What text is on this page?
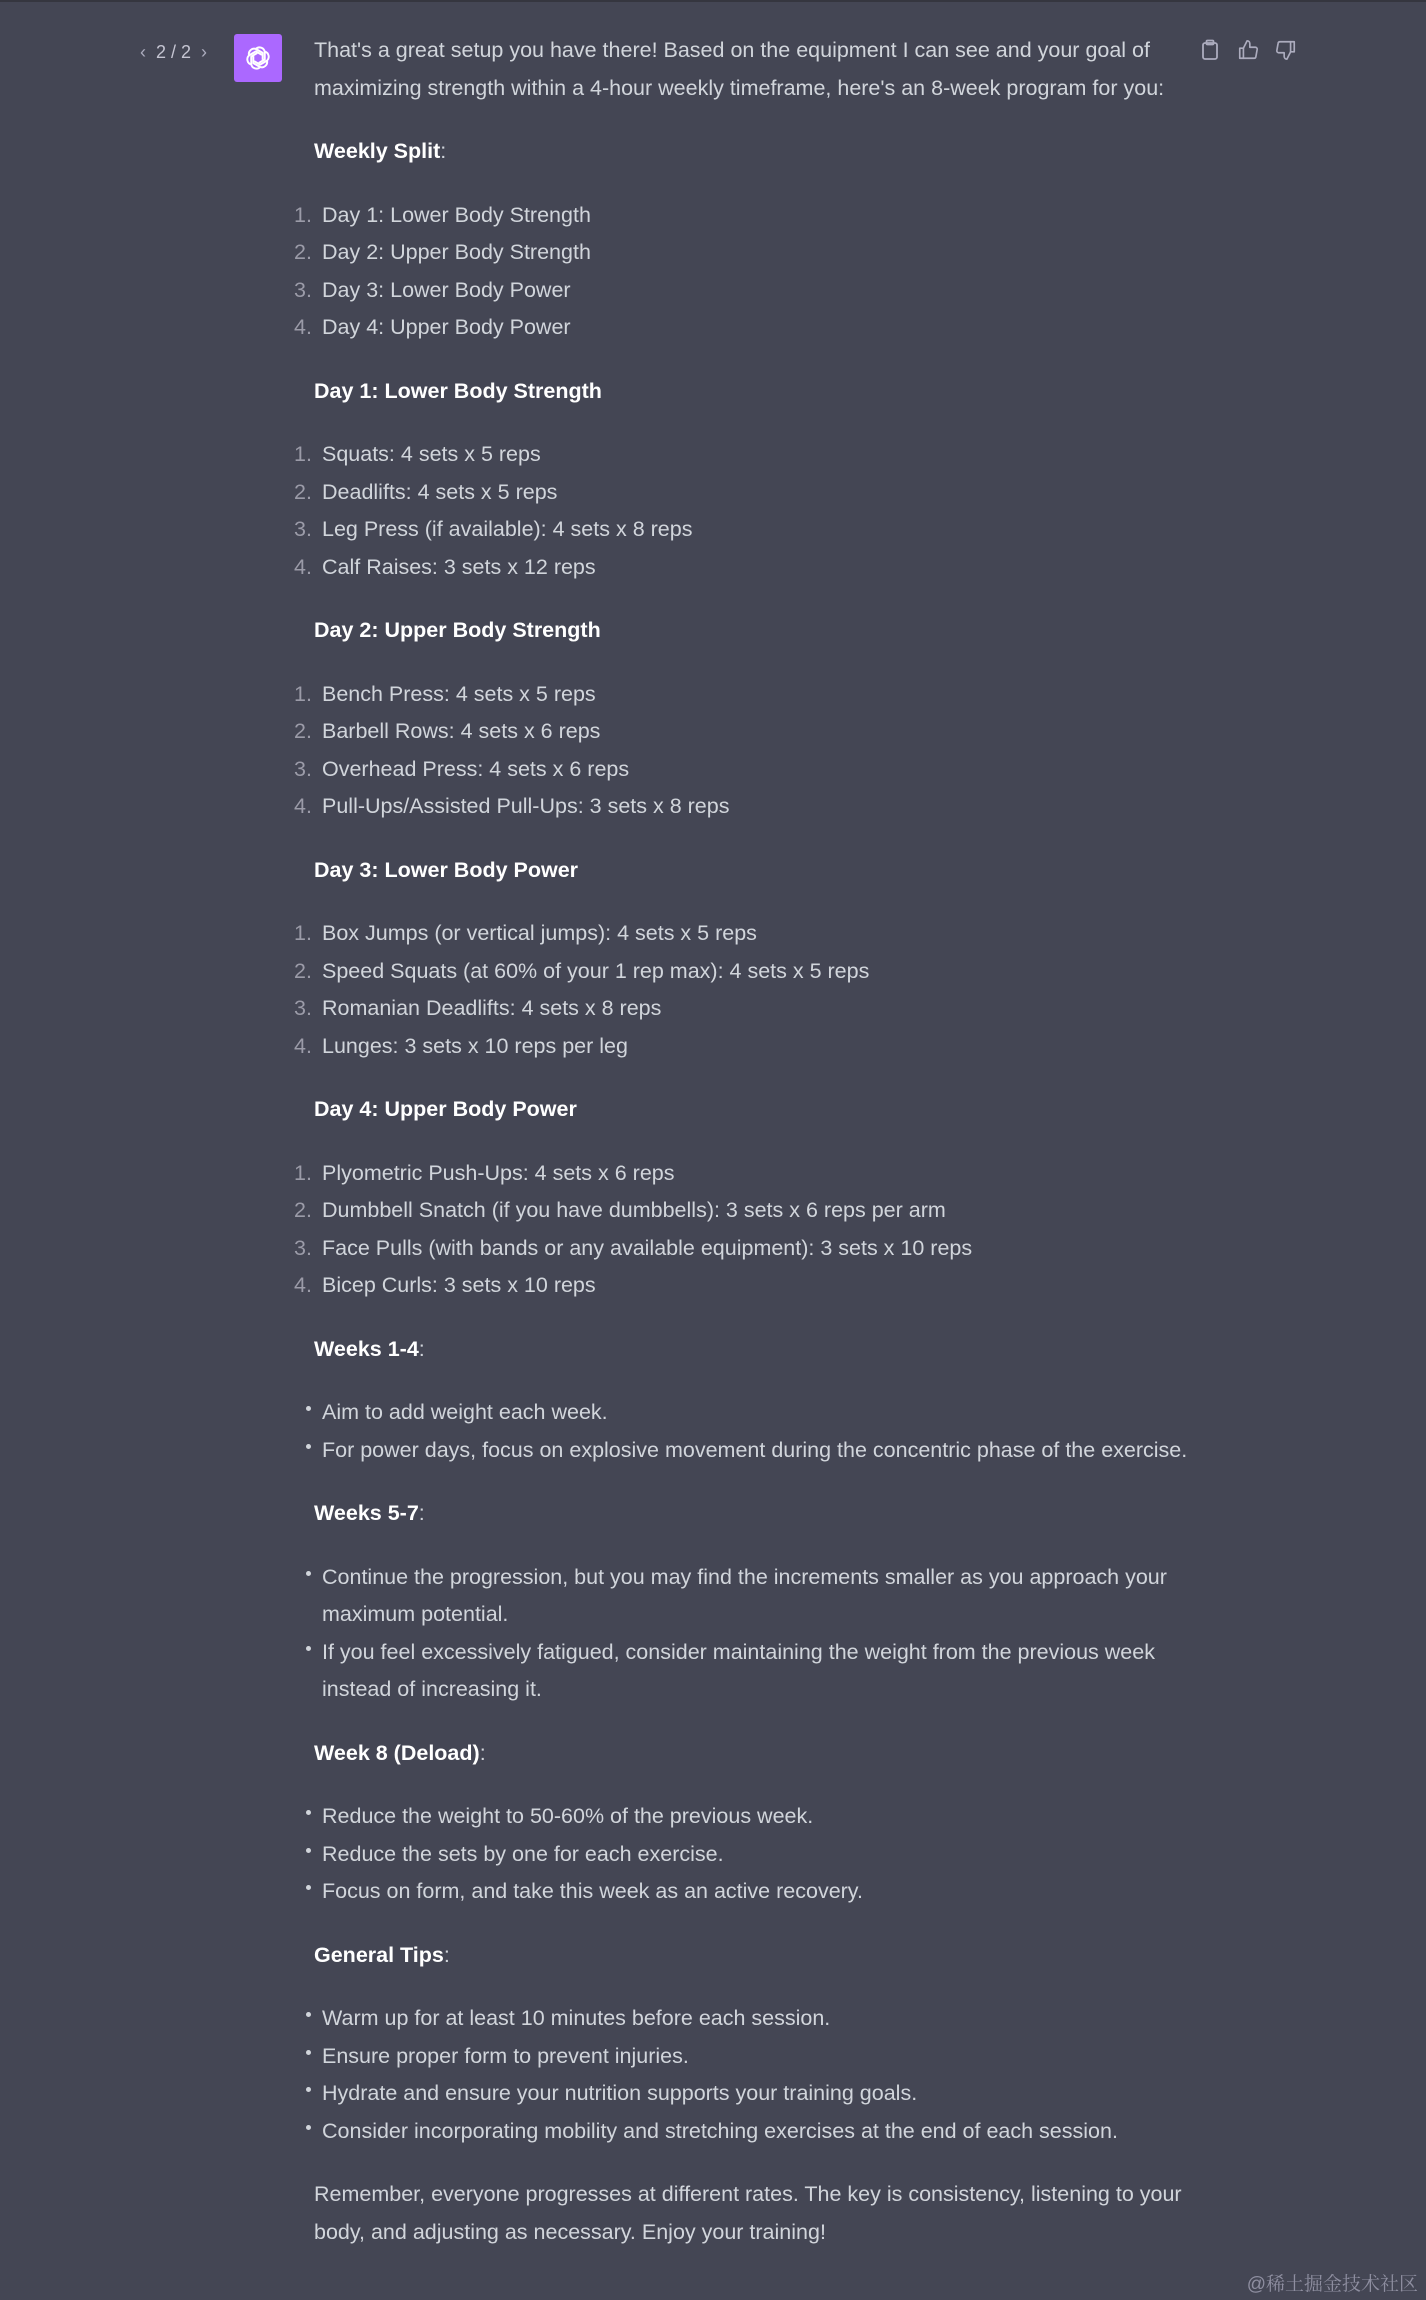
‹ 2 / 2 ›	That's a great setup you have there! Based on the equipment I can see and your goal of maximizing strength within a 4-hour weekly timeframe, here's an 8-week program for you:

Weekly Split:
1. Day 1: Lower Body Strength
2. Day 2: Upper Body Strength
3. Day 3: Lower Body Power
4. Day 4: Upper Body Power
Day 1: Lower Body Strength
1. Squats: 4 sets x 5 reps
2. Deadlifts: 4 sets x 5 reps
3. Leg Press (if available): 4 sets x 8 reps
4. Calf Raises: 3 sets x 12 reps
Day 2: Upper Body Strength
1. Bench Press: 4 sets x 5 reps
2. Barbell Rows: 4 sets x 6 reps
3. Overhead Press: 4 sets x 6 reps
4. Pull-Ups/Assisted Pull-Ups: 3 sets x 8 reps
Day 3: Lower Body Power
1. Box Jumps (or vertical jumps): 4 sets x 5 reps
2. Speed Squats (at 60% of your 1 rep max): 4 sets x 5 reps
3. Romanian Deadlifts: 4 sets x 8 reps
4. Lunges: 3 sets x 10 reps per leg
Day 4: Upper Body Power
1. Plyometric Push-Ups: 4 sets x 6 reps
2. Dumbbell Snatch (if you have dumbbells): 3 sets x 6 reps per arm
3. Face Pulls (with bands or any available equipment): 3 sets x 10 reps
4. Bicep Curls: 3 sets x 10 reps
Weeks 1-4:
Aim to add weight each week.
For power days, focus on explosive movement during the concentric phase of the exercise.
Weeks 5-7:
Continue the progression, but you may find the increments smaller as you approach your maximum potential.
If you feel excessively fatigued, consider maintaining the weight from the previous week instead of increasing it.
Week 8 (Deload):
Reduce the weight to 50-60% of the previous week.
Reduce the sets by one for each exercise.
Focus on form, and take this week as an active recovery.
General Tips:
Warm up for at least 10 minutes before each session.
Ensure proper form to prevent injuries.
Hydrate and ensure your nutrition supports your training goals.
Consider incorporating mobility and stretching exercises at the end of each session.

Remember, everyone progresses at different rates. The key is consistency, listening to your body, and adjusting as necessary. Enjoy your training!

@稀土掘金技术社区
